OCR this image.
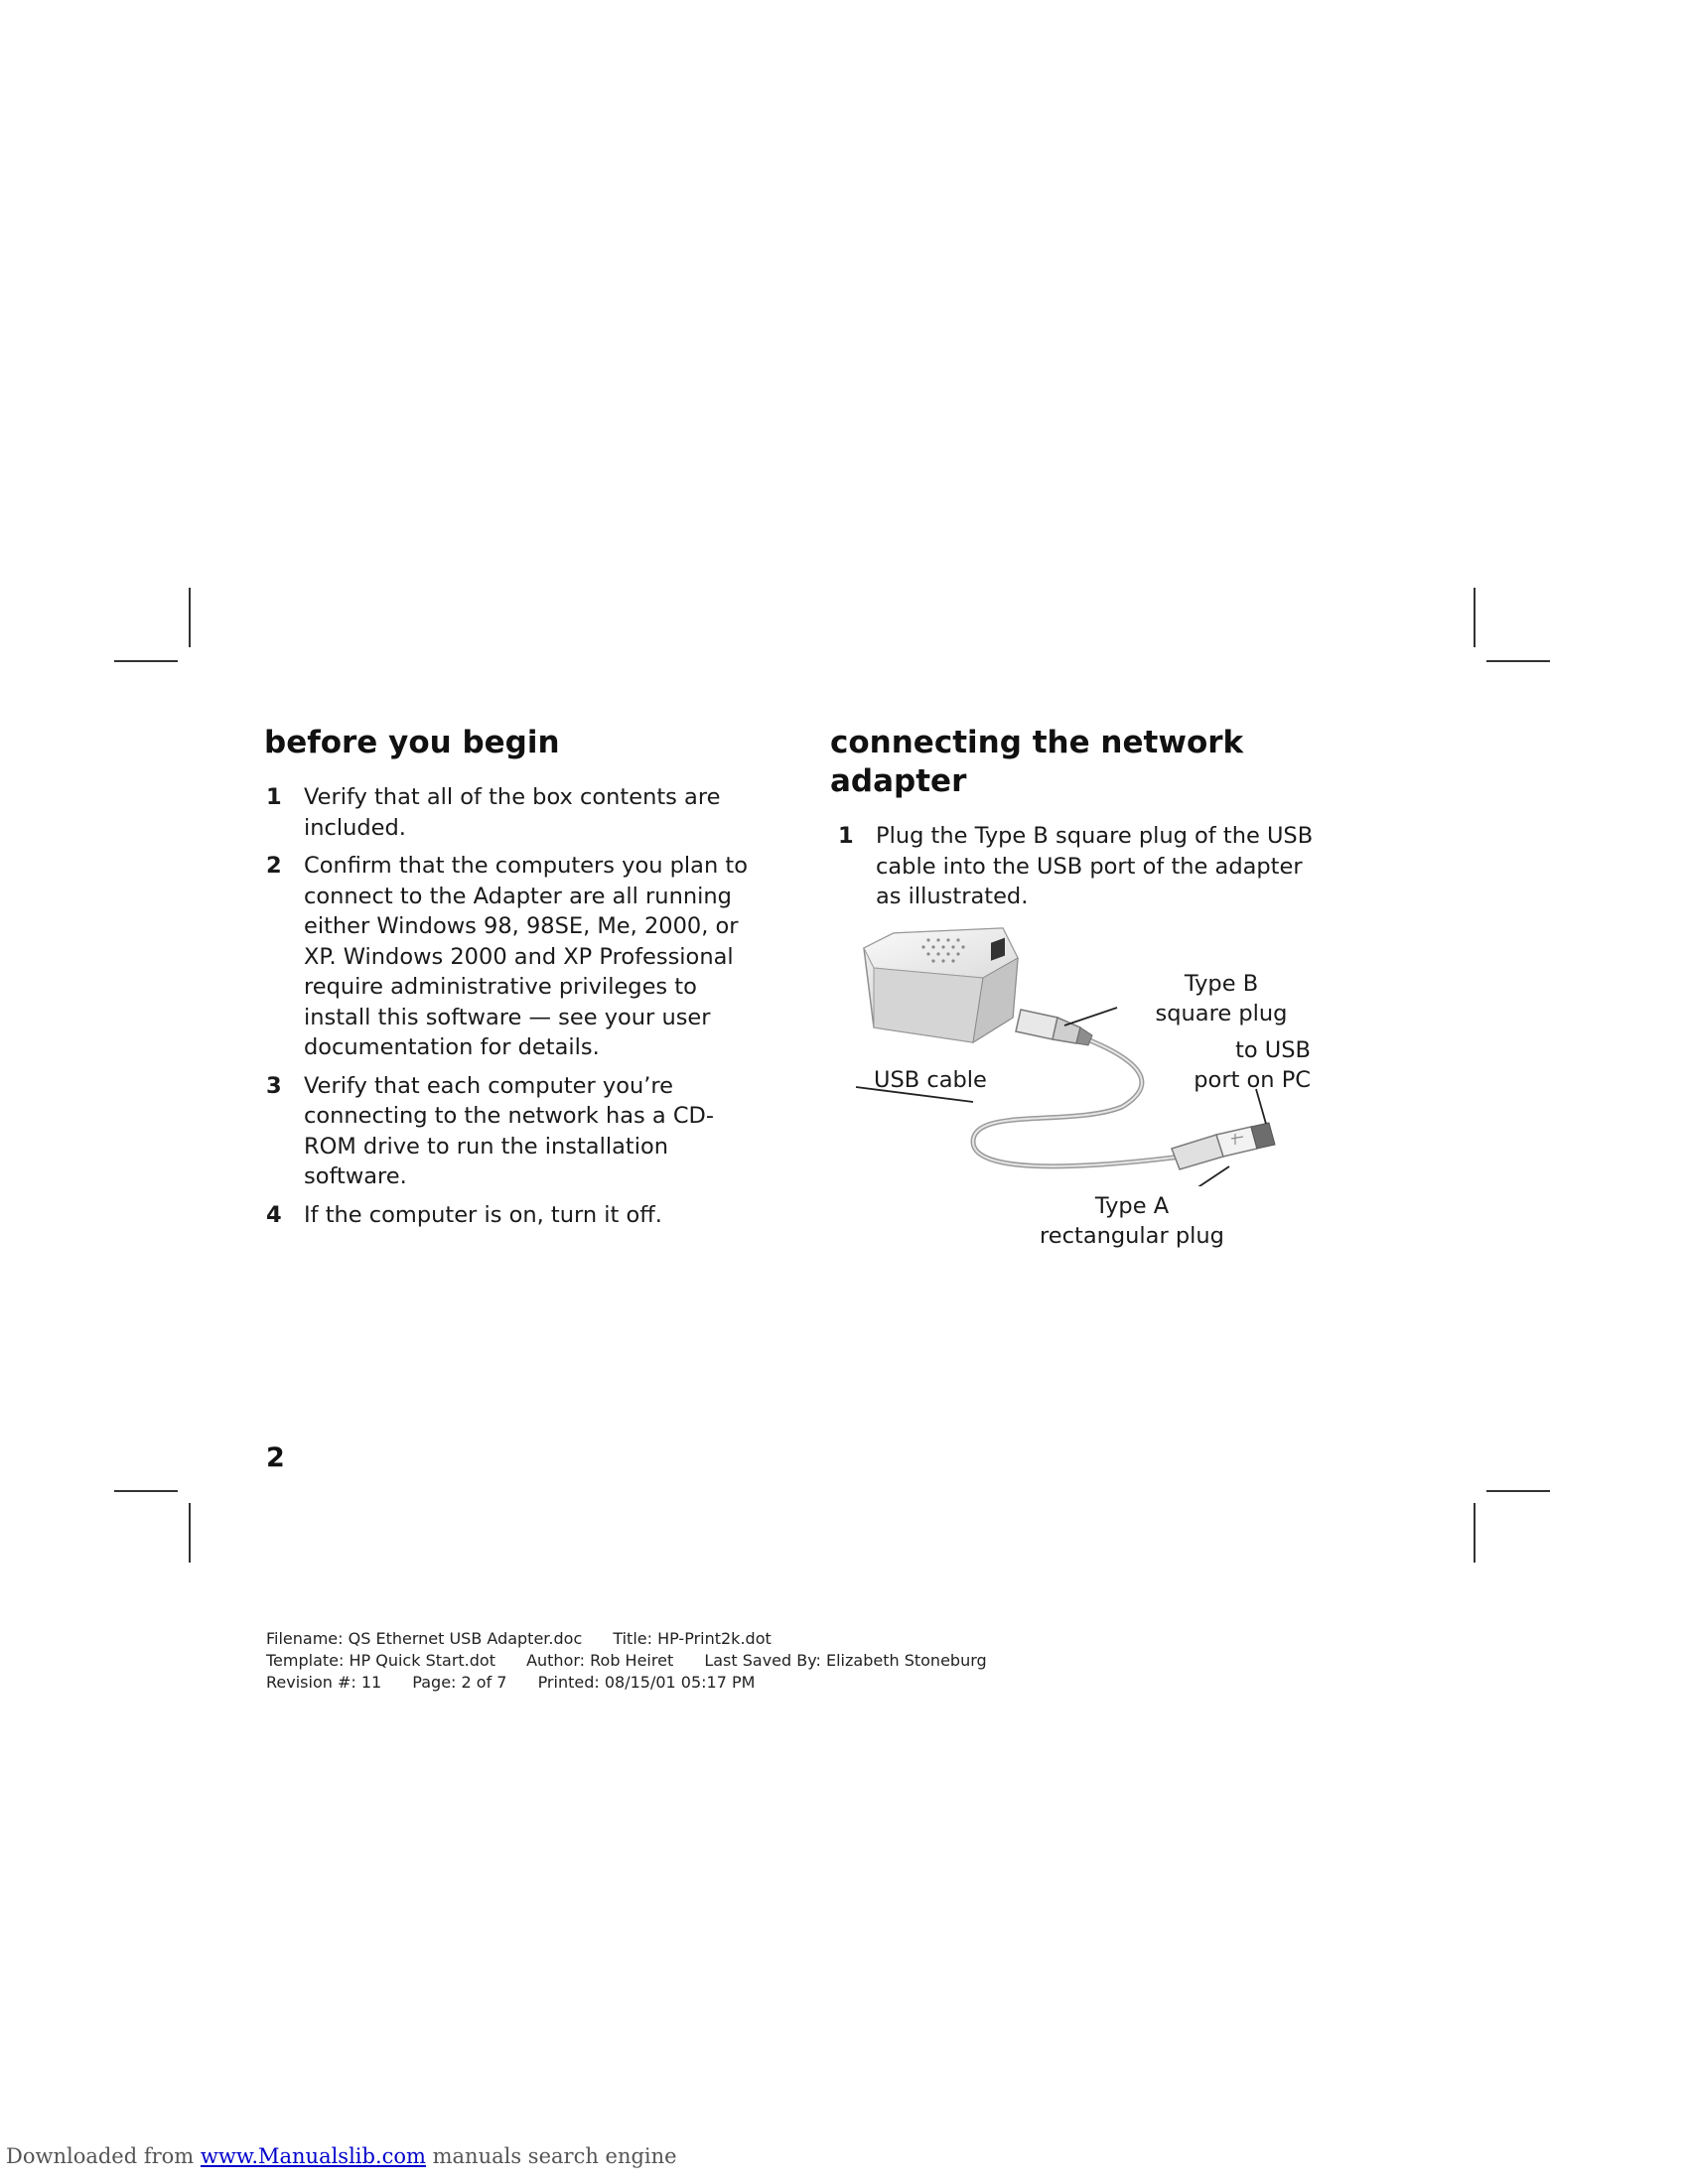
before you begin
1 Verify that all of the box contents are included.
2 Confirm that the computers you plan to connect to the Adapter are all running either Windows 98, 98SE, Me, 2000, or XP. Windows 2000 and XP Professional require administrative privileges to install this software — see your user documentation for details.
3 Verify that each computer you’re connecting to the network has a CD-ROM drive to run the installation software.
4 If the computer is on, turn it off.
connecting the network
adapter
1 Plug the Type B square plug of the USB cable into the USB port of the adapter as illustrated.
Type B
square plug
to USB
port on PC
USB cable
Type A
rectangular plug
2
Filename: QS Ethernet USB Adapter.doc Title: HP-Print2k.dot
Template: HP Quick Start.dot Author: Rob Heiret Last Saved By: Elizabeth Stoneburg
Revision #: 11 Page: 2 of 7 Printed: 08/15/01 05:17 PM
Downloaded from www.Manualslib.com manuals search engine
